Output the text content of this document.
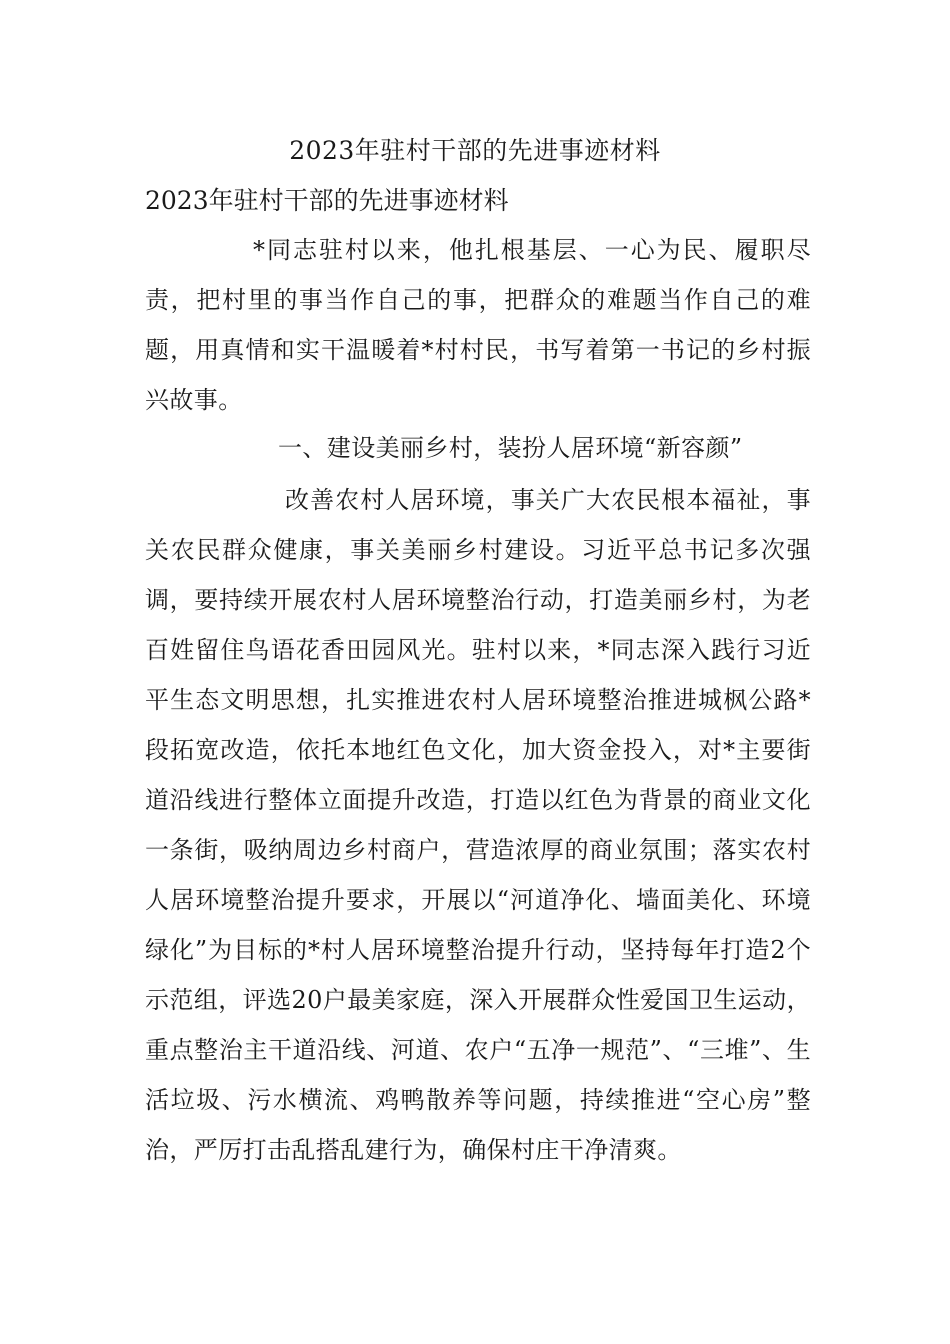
2023年驻村干部的先进事迹材料
2023年驻村干部的先进事迹材料

*同志驻村以来，他扎根基层、一心为民、履职尽责，把村里的事当作自己的事，把群众的难题当作自己的难题，用真情和实干温暖着*村村民，书写着第一书记的乡村振兴故事。

一、建设美丽乡村，装扮人居环境“新容颜”

改善农村人居环境，事关广大农民根本福祉，事关农民群众健康，事关美丽乡村建设。习近平总书记多次强调，要持续开展农村人居环境整治行动，打造美丽乡村，为老百姓留住鸟语花香田园风光。驻村以来，*同志深入践行习近平生态文明思想，扎实推进农村人居环境整治推进城枫公路*段拓宽改造，依托本地红色文化，加大资金投入，对*主要街道沿线进行整体立面提升改造，打造以红色为背景的商业文化一条街，吸纳周边乡村商户，营造浓厚的商业氛围；落实农村人居环境整治提升要求，开展以“河道净化、墙面美化、环境绿化”为目标的*村人居环境整治提升行动，坚持每年打造2个示范组，评选20户最美家庭，深入开展群众性爱国卫生运动，重点整治主干道沿线、河道、农户“五净一规范”、“三堆”、生活垃圾、污水横流、鸡鸭散养等问题，持续推进“空心房”整治，严厉打击乱搭乱建行为，确保村庄干净清爽。
